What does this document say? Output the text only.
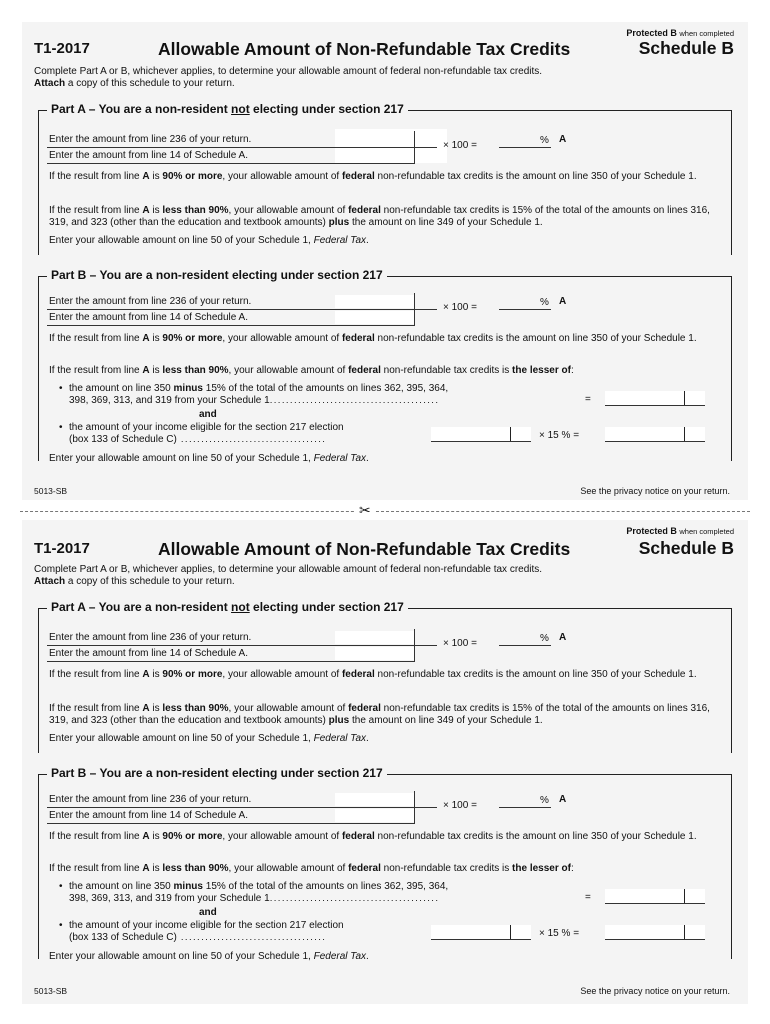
Protected B when completed
T1-2017	Allowable Amount of Non-Refundable Tax Credits	Schedule B
Complete Part A or B, whichever applies, to determine your allowable amount of federal non-refundable tax credits.
Attach a copy of this schedule to your return.
Part A – You are a non-resident not electing under section 217
Enter the amount from line 236 of your return.
Enter the amount from line 14 of Schedule A.
× 100 =	% A
If the result from line A is 90% or more, your allowable amount of federal non-refundable tax credits is the amount on line 350 of your Schedule 1.
If the result from line A is less than 90%, your allowable amount of federal non-refundable tax credits is 15% of the total of the amounts on lines 316, 319, and 323 (other than the education and textbook amounts) plus the amount on line 349 of your Schedule 1.
Enter your allowable amount on line 50 of your Schedule 1, Federal Tax.
Part B – You are a non-resident electing under section 217
Enter the amount from line 236 of your return.
Enter the amount from line 14 of Schedule A.
× 100 =	% A
If the result from line A is 90% or more, your allowable amount of federal non-refundable tax credits is the amount on line 350 of your Schedule 1.
If the result from line A is less than 90%, your allowable amount of federal non-refundable tax credits is the lesser of:
• the amount on line 350 minus 15% of the total of the amounts on lines 362, 395, 364,
398, 369, 313, and 319 from your Schedule 1..........................................	=
and
• the amount of your income eligible for the section 217 election
(box 133 of Schedule C) ....................................	× 15 % =
Enter your allowable amount on line 50 of your Schedule 1, Federal Tax.
5013-SB	See the privacy notice on your return.
✂
Protected B when completed
T1-2017	Allowable Amount of Non-Refundable Tax Credits	Schedule B
Complete Part A or B, whichever applies, to determine your allowable amount of federal non-refundable tax credits.
Attach a copy of this schedule to your return.
Part A – You are a non-resident not electing under section 217
Enter the amount from line 236 of your return.
Enter the amount from line 14 of Schedule A.
× 100 =	% A
If the result from line A is 90% or more, your allowable amount of federal non-refundable tax credits is the amount on line 350 of your Schedule 1.
If the result from line A is less than 90%, your allowable amount of federal non-refundable tax credits is 15% of the total of the amounts on lines 316, 319, and 323 (other than the education and textbook amounts) plus the amount on line 349 of your Schedule 1.
Enter your allowable amount on line 50 of your Schedule 1, Federal Tax.
Part B – You are a non-resident electing under section 217
Enter the amount from line 236 of your return.
Enter the amount from line 14 of Schedule A.
× 100 =	% A
If the result from line A is 90% or more, your allowable amount of federal non-refundable tax credits is the amount on line 350 of your Schedule 1.
If the result from line A is less than 90%, your allowable amount of federal non-refundable tax credits is the lesser of:
• the amount on line 350 minus 15% of the total of the amounts on lines 362, 395, 364,
398, 369, 313, and 319 from your Schedule 1..........................................	=
and
• the amount of your income eligible for the section 217 election
(box 133 of Schedule C) ....................................	× 15 % =
Enter your allowable amount on line 50 of your Schedule 1, Federal Tax.
5013-SB	See the privacy notice on your return.
